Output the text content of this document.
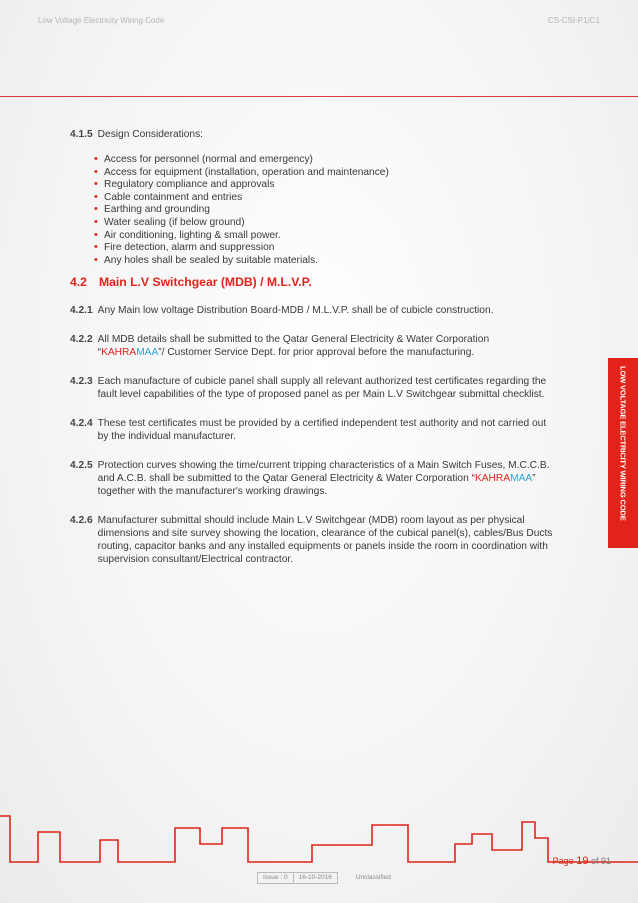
Low Voltage Electricity Wiring Code	CS-CSI-P1/C1
4.1.5 Design Considerations:
• Access for personnel (normal and emergency)
• Access for equipment (installation, operation and maintenance)
• Regulatory compliance and approvals
• Cable containment and entries
• Earthing and grounding
• Water sealing (if below ground)
• Air conditioning, lighting & small power.
• Fire detection, alarm and suppression
• Any holes shall be sealed by suitable materials.
4.2 Main L.V Switchgear (MDB) / M.L.V.P.
4.2.1 Any Main low voltage Distribution Board-MDB / M.L.V.P. shall be of cubicle construction.
4.2.2 All MDB details shall be submitted to the Qatar General Electricity & Water Corporation “KAHRAMAA”/ Customer Service Dept. for prior approval before the manufacturing.
4.2.3 Each manufacture of cubicle panel shall supply all relevant authorized test certificates regarding the fault level capabilities of the type of proposed panel as per Main L.V Switchgear submittal checklist.
4.2.4 These test certificates must be provided by a certified independent test authority and not carried out by the individual manufacturer.
4.2.5 Protection curves showing the time/current tripping characteristics of a Main Switch Fuses, M.C.C.B. and A.C.B. shall be submitted to the Qatar General Electricity & Water Corporation “KAHRAMAA” together with the manufacturer's working drawings.
4.2.6 Manufacturer submittal should include Main L.V Switchgear (MDB) room layout as per physical dimensions and site survey showing the location, clearance of the cubical panel(s), cables/Bus Ducts routing, capacitor banks and any installed equipments or panels inside the room in coordination with supervision consultant/Electrical contractor.
LOW VOLTAGE ELECTRICITY WIRING CODE
Page 19 of 91
Issue : 0	16-10-2016	Unclassified
